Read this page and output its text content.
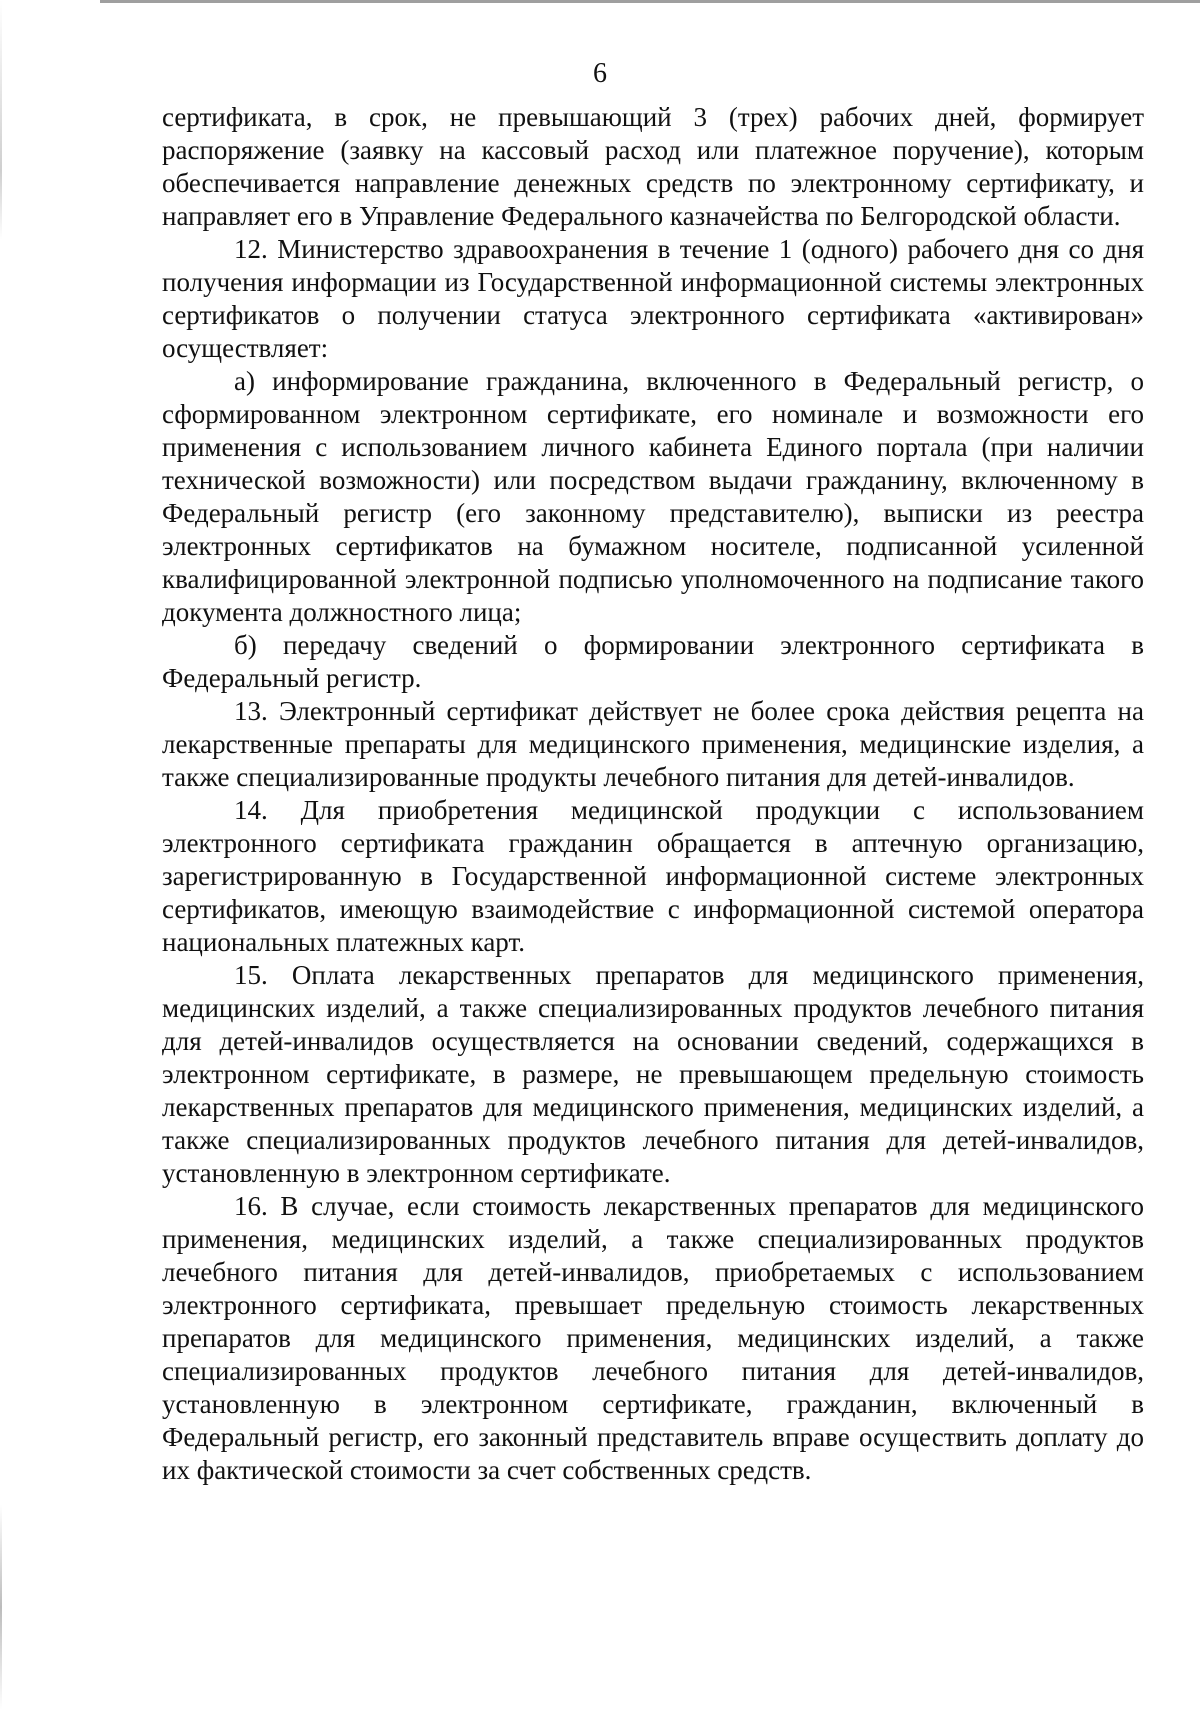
6

сертификата, в срок, не превышающий 3 (трех) рабочих дней, формирует распоряжение (заявку на кассовый расход или платежное поручение), которым обеспечивается направление денежных средств по электронному сертификату, и направляет его в Управление Федерального казначейства по Белгородской области.

12. Министерство здравоохранения в течение 1 (одного) рабочего дня со дня получения информации из Государственной информационной системы электронных сертификатов о получении статуса электронного сертификата «активирован» осуществляет:

а) информирование гражданина, включенного в Федеральный регистр, о сформированном электронном сертификате, его номинале и возможности его применения с использованием личного кабинета Единого портала (при наличии технической возможности) или посредством выдачи гражданину, включенному в Федеральный регистр (его законному представителю), выписки из реестра электронных сертификатов на бумажном носителе, подписанной усиленной квалифицированной электронной подписью уполномоченного на подписание такого документа должностного лица;

б) передачу сведений о формировании электронного сертификата в Федеральный регистр.

13. Электронный сертификат действует не более срока действия рецепта на лекарственные препараты для медицинского применения, медицинские изделия, а также специализированные продукты лечебного питания для детей-инвалидов.

14. Для приобретения медицинской продукции с использованием электронного сертификата гражданин обращается в аптечную организацию, зарегистрированную в Государственной информационной системе электронных сертификатов, имеющую взаимодействие с информационной системой оператора национальных платежных карт.

15. Оплата лекарственных препаратов для медицинского применения, медицинских изделий, а также специализированных продуктов лечебного питания для детей-инвалидов осуществляется на основании сведений, содержащихся в электронном сертификате, в размере, не превышающем предельную стоимость лекарственных препаратов для медицинского применения, медицинских изделий, а также специализированных продуктов лечебного питания для детей-инвалидов, установленную в электронном сертификате.

16. В случае, если стоимость лекарственных препаратов для медицинского применения, медицинских изделий, а также специализированных продуктов лечебного питания для детей-инвалидов, приобретаемых с использованием электронного сертификата, превышает предельную стоимость лекарственных препаратов для медицинского применения, медицинских изделий, а также специализированных продуктов лечебного питания для детей-инвалидов, установленную в электронном сертификате, гражданин, включенный в Федеральный регистр, его законный представитель вправе осуществить доплату до их фактической стоимости за счет собственных средств.
